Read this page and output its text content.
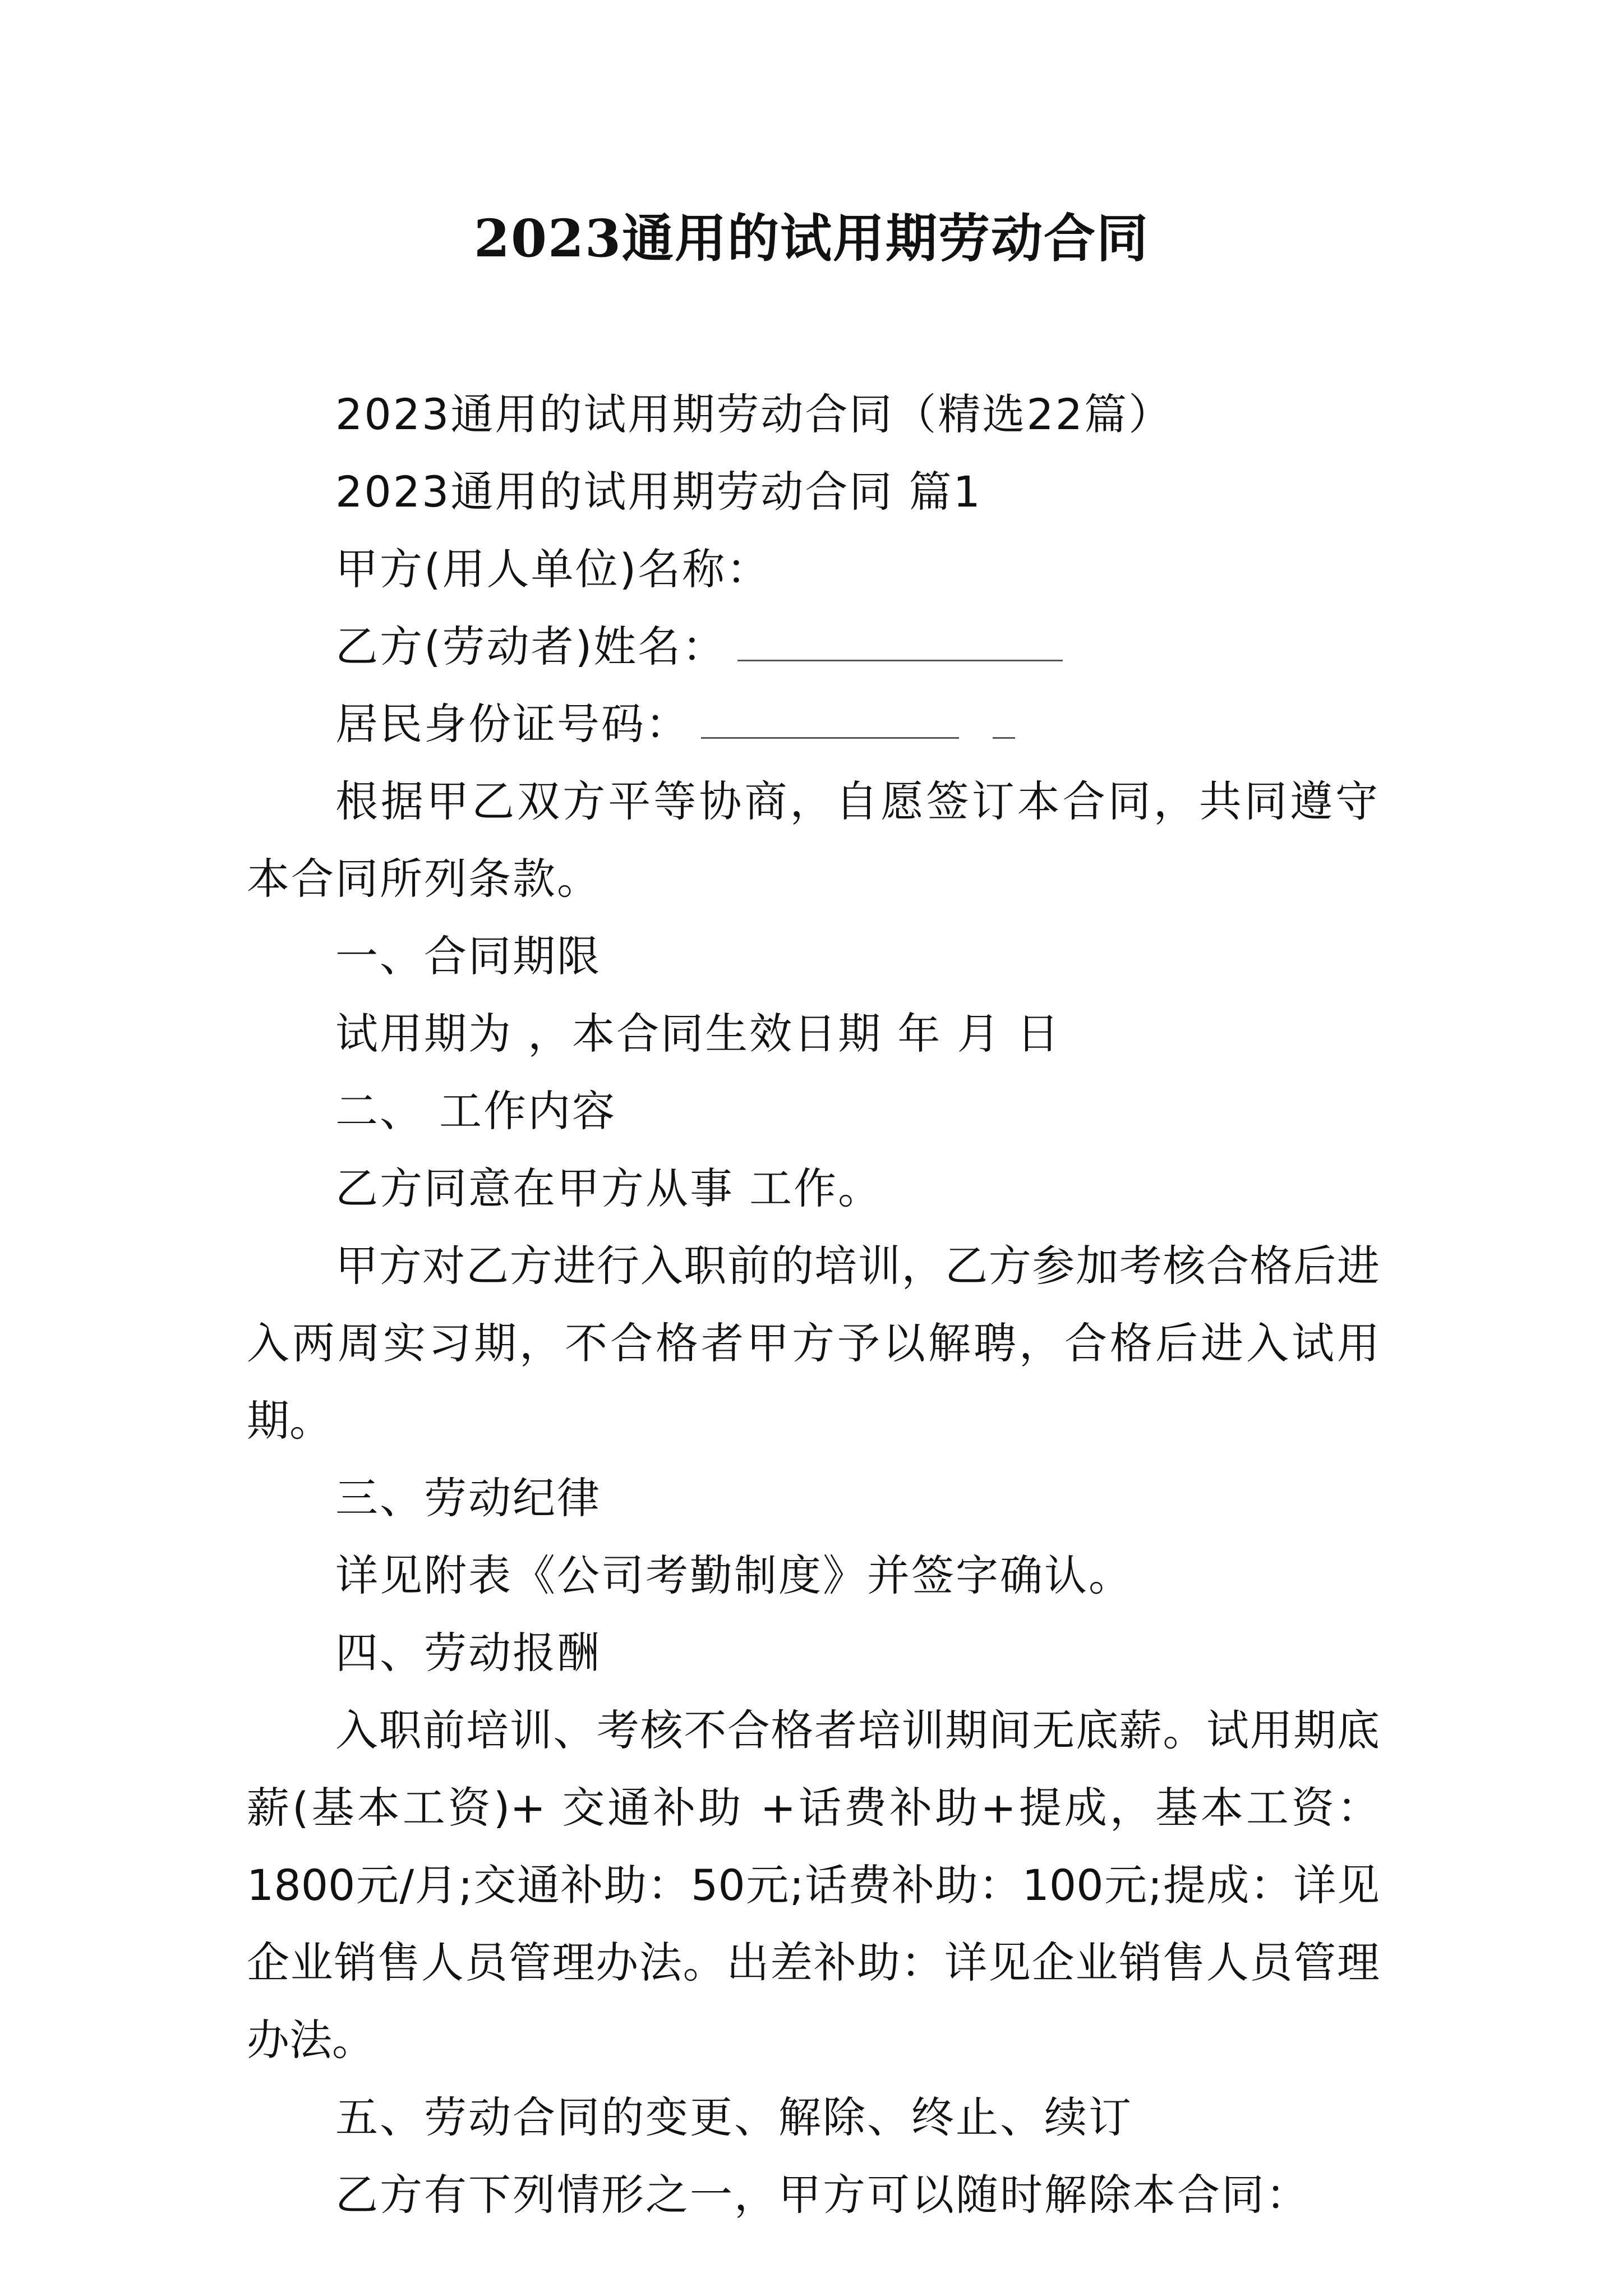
2023通用的试用期劳动合同

2023通用的试用期劳动合同（精选22篇）

2023通用的试用期劳动合同 篇1

甲方(用人单位)名称：

乙方(劳动者)姓名：

居民身份证号码：

根据甲乙双方平等协商，自愿签订本合同，共同遵守本合同所列条款。

一、合同期限

试用期为 ，本合同生效日期 年 月 日

二、 工作内容

乙方同意在甲方从事 工作。

甲方对乙方进行入职前的培训，乙方参加考核合格后进入两周实习期，不合格者甲方予以解聘，合格后进入试用期。

三、劳动纪律

详见附表《公司考勤制度》并签字确认。

四、劳动报酬

入职前培训、考核不合格者培训期间无底薪。试用期底薪(基本工资)+ 交通补助 +话费补助+提成，基本工资：1800元/月;交通补助：50元;话费补助：100元;提成：详见企业销售人员管理办法。出差补助：详见企业销售人员管理办法。

五、劳动合同的变更、解除、终止、续订

乙方有下列情形之一，甲方可以随时解除本合同：
